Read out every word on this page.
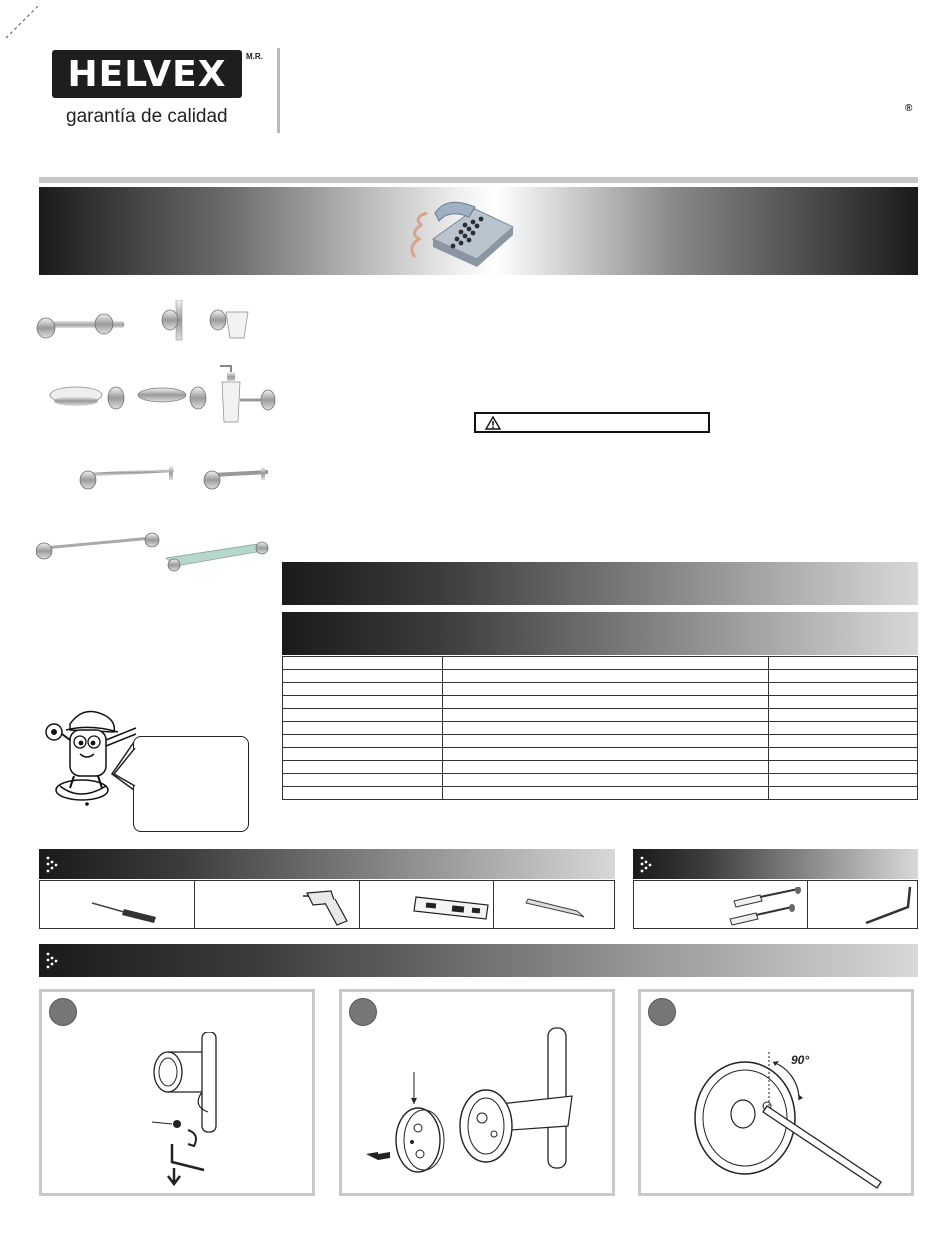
HELVEX M.R.
garantía de calidad	®

90°
